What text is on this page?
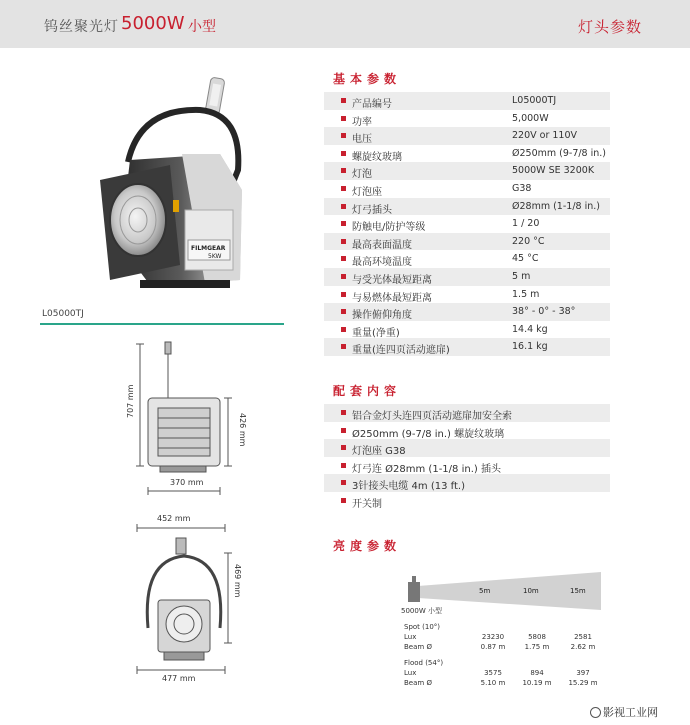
钨丝聚光灯 5000W 小型	灯头参数
FILMGEAR
5KW
L05000TJ
707 mm
426 mm
370 mm
452 mm
469 mm
477 mm
基本参数
产品编号	L05000TJ
功率	5,000W
电压	220V or 110V
螺旋纹玻璃	Ø250mm (9-7/8 in.)
灯泡	5000W SE 3200K
灯泡座	G38
灯弓插头	Ø28mm (1-1/8 in.)
防触电/防护等级	1 / 20
最高表面温度	220 °C
最高环境温度	45 °C
与受光体最短距离	5 m
与易燃体最短距离	1.5 m
操作俯仰角度	38° - 0° - 38°
重量(净重)	14.4 kg
重量(连四页活动遮扉)	16.1 kg
配套内容
铝合金灯头连四页活动遮扉加安全索
Ø250mm (9-7/8 in.) 螺旋纹玻璃
灯泡座 G38
灯弓连 Ø28mm (1-1/8 in.) 插头
3针接头电缆 4m (13 ft.)
开关制
亮度参数
5m	10m	15m
5000W 小型
Spot (10°)
Lux	23230	5808	2581
Beam Ø	0.87 m	1.75 m	2.62 m
Flood (54°)
Lux	3575	894	397
Beam Ø	5.10 m	10.19 m	15.29 m
影视工业网
